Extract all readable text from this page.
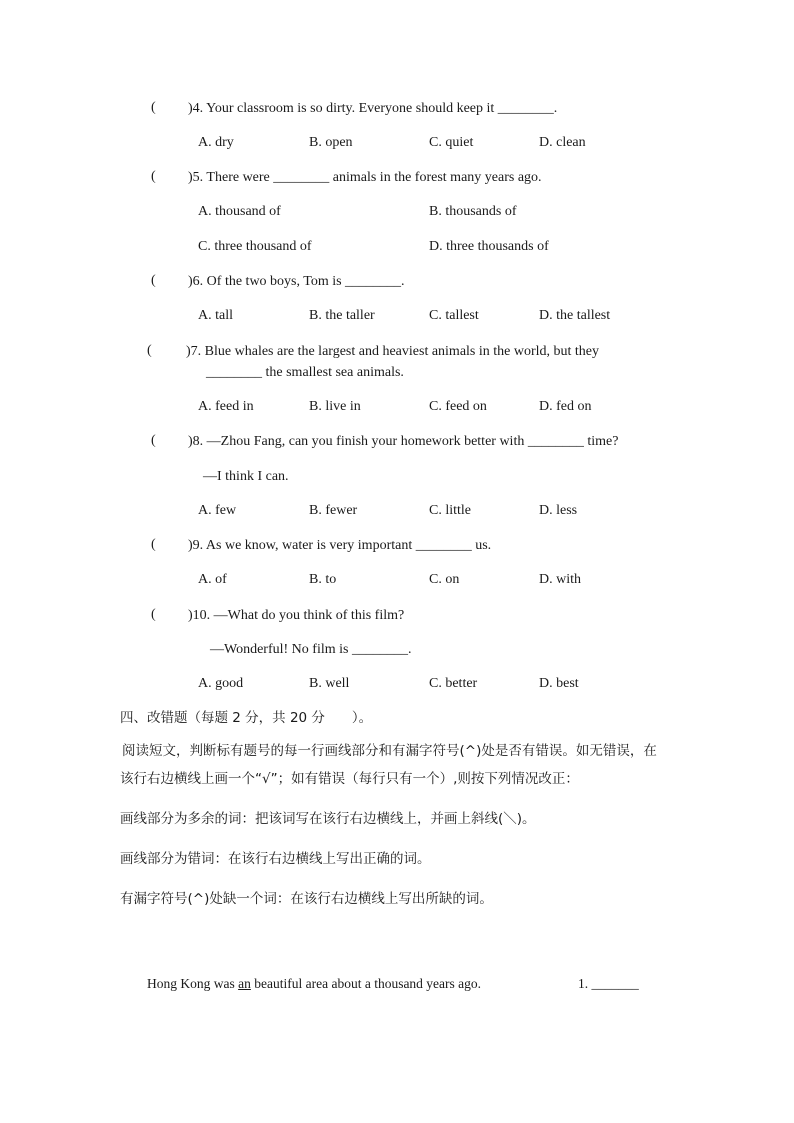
( )4. Your classroom is so dirty. Everyone should keep it ________.
A. dry	B. open	C. quiet	D. clean
( )5. There were ________ animals in the forest many years ago.
A. thousand of	B. thousands of
C. three thousand of	D. three thousands of
( )6. Of the two boys, Tom is ________.
A. tall	B. the taller	C. tallest	D. the tallest
( )7. Blue whales are the largest and heaviest animals in the world, but they
________ the smallest sea animals.
A. feed in	B. live in	C. feed on	D. fed on
( )8. —Zhou Fang, can you finish your homework better with ________ time?
—I think I can.
A. few	B. fewer	C. little	D. less
( )9. As we know, water is very important ________ us.
A. of	B. to	C. on	D. with
( )10. —What do you think of this film?
—Wonderful! No film is ________.
A. good	B. well	C. better	D. best
四、改错题（每题 2 分，共 20 分　　）。
阅读短文，判断标有题号的每一行画线部分和有漏字符号(^)处是否有错误。如无错误，在
该行右边横线上画一个“√”；如有错误（每行只有一个）,则按下列情况改正：
画线部分为多余的词：把该词写在该行右边横线上，并画上斜线(＼)。
画线部分为错词：在该行右边横线上写出正确的词。
有漏字符号(^)处缺一个词：在该行右边横线上写出所缺的词。
Hong Kong was an beautiful area about a thousand years ago.	1. _______
